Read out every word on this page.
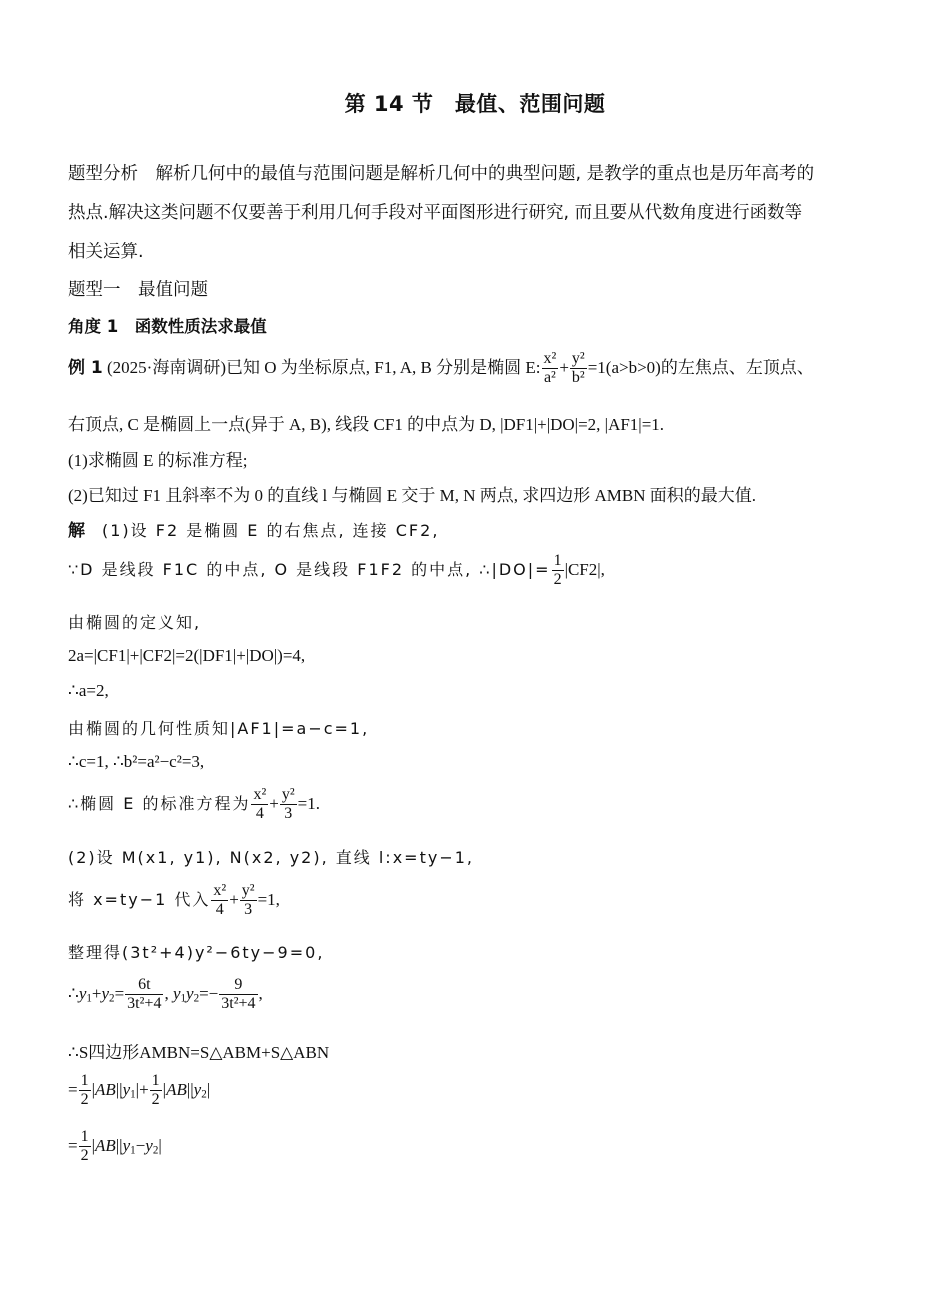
第 14 节　最值、范围问题
题型分析　 解析几何中的最值与范围问题是解析几何中的典型问题, 是教学的重点也是历年高考的
热点.解决这类问题不仅要善于利用几何手段对平面图形进行研究, 而且要从代数角度进行函数等
相关运算.
题型一　最值问题
角度 1　函数性质法求最值
例 1 (2025·海南调研)已知 O 为坐标原点, F1, A, B 分别是椭圆 E: $\frac{\text{x²}}{\text{a²}} + \frac{\text{y²}}{\text{b²}} =1(a>b>0)$的左焦点、左顶点、
右顶点, C 是椭圆上一点(异于 A, B), 线段 CF1 的中点为 D, |DF1|+|DO|=2, |AF1|=1.
(1)求椭圆 E 的标准方程;
(2)已知过 F1 且斜率不为 0 的直线 l 与椭圆 E 交于 M, N 两点, 求四边形 AMBN 面积的最大值.
解　 (1)设 F2 是椭圆 E 的右焦点, 连接 CF2,
∵D 是线段 F1C 的中点, O 是线段 F1F2 的中点, ∴|DO|= $\frac{1}{2} |CF2|$,
由椭圆的定义知,
2a=|CF1|+|CF2|=2(|DF1|+|DO|)=4,
∴a=2,
由椭圆的几何性质知|AF1|=a−c=1,
∴c=1, ∴b²=a²−c²=3,
∴椭圆 E 的标准方程为 $\frac{\text{x²}}{4} + \frac{\text{y²}}{3} =1$.
(2)设 M(x1, y1), N(x2, y2), 直线 l:x=ty−1,
将 x=ty−1 代入 $\frac{\text{x²}}{4} + \frac{\text{y²}}{3} =1$,
整理得(3t²+4)y²−6ty−9=0,
$\therefore y_1+y_2= \frac{6t}{\text{3t²+4}}$ , $y_1y_2=- \frac{9}{\text{3t²+4}}$ ,
∴S四边形AMBN=S△ABM+S△ABN
= $\frac{1}{2} |AB||y_1|+ \frac{1}{2} |AB||y_2|$
= $\frac{1}{2} |AB||y_1-y_2|$
